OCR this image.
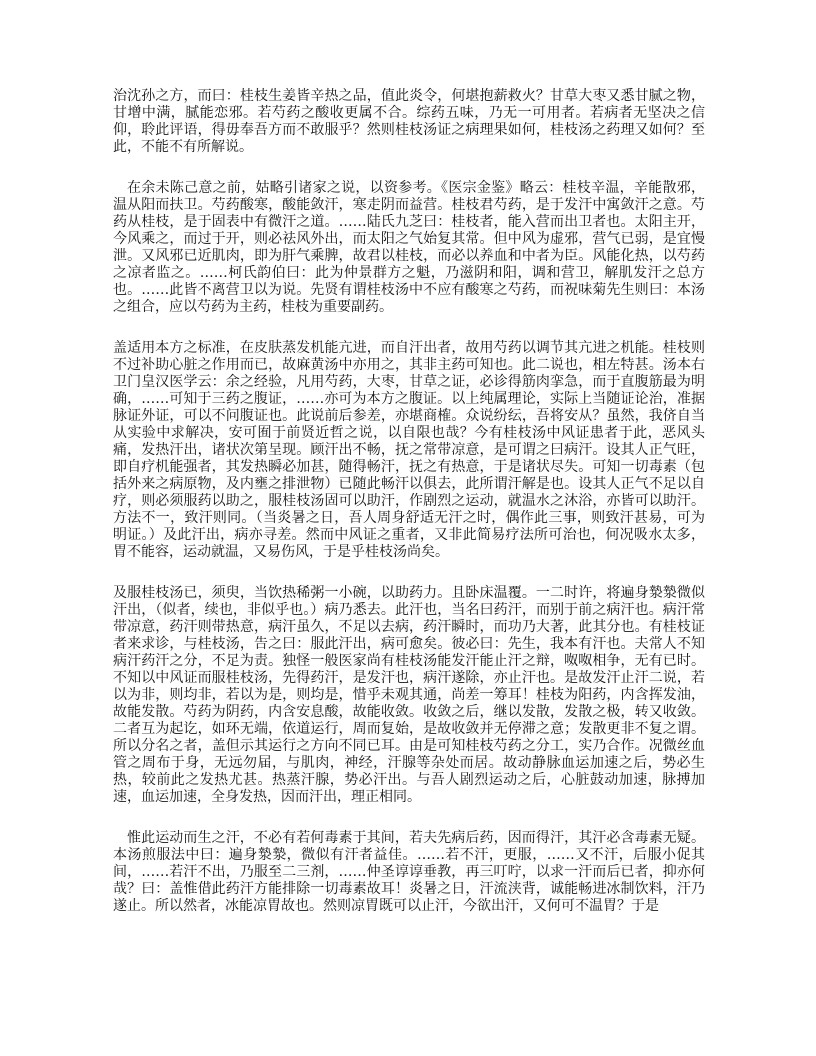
治沈孙之方，而曰：桂枝生姜皆辛热之品，值此炎令，何堪抱薪救火？甘草大枣又悉甘腻之物，甘增中满，腻能恋邪。若芍药之酸收更属不合。综药五味，乃无一可用者。若病者无坚决之信仰，聆此评语，得毋奉吾方而不敢服乎？然则桂枝汤证之病理果如何，桂枝汤之药理又如何？至此，不能不有所解说。

在余未陈己意之前，姑略引诸家之说，以资参考。《医宗金鉴》略云：桂枝辛温，辛能散邪，温从阳而扶卫。芍药酸寒，酸能敛汗，寒走阴而益营。桂枝君芍药，是于发汗中寓敛汗之意。芍药从桂枝，是于固表中有微汗之道。……陆氏九芝曰：桂枝者，能入营而出卫者也。太阳主开，今风乘之，而过于开，则必祛风外出，而太阳之气始复其常。但中风为虚邪，营气已弱，是宜慢泄。又风邪已近肌肉，即为肝气乘脾，故君以桂枝，而必以养血和中者为臣。风能化热，以芍药之凉者监之。……柯氏韵伯曰：此为仲景群方之魁，乃滋阴和阳，调和营卫，解肌发汗之总方也。……此皆不离营卫以为说。先贤有谓桂枝汤中不应有酸寒之芍药，而祝味菊先生则曰：本汤之组合，应以芍药为主药，桂枝为重要副药。

盖适用本方之标准，在皮肤蒸发机能亢进，而自汗出者，故用芍药以调节其亢进之机能。桂枝则不过补助心脏之作用而已，故麻黄汤中亦用之，其非主药可知也。此二说也，相左特甚。汤本右卫门皇汉医学云：余之经验，凡用芍药，大枣，甘草之证，必诊得筋肉挛急，而于直腹筋最为明确，……可知于三药之腹证，……亦可为本方之腹证。以上纯属理论，实际上当随证论治，准据脉证外证，可以不问腹证也。此说前后参差，亦堪商榷。众说纷纭，吾将安从？虽然，我侪自当从实验中求解决，安可囿于前贤近哲之说，以自限也哉？今有桂枝汤中风证患者于此，恶风头痛，发热汗出，诸状次第呈现。顾汗出不畅，抚之常带凉意，是可谓之曰病汗。设其人正气旺，即自疗机能强者，其发热瞬必加甚，随得畅汗，抚之有热意，于是诸状尽失。可知一切毒素（包括外来之病原物，及内壅之排泄物）已随此畅汗以俱去，此所谓汗解是也。设其人正气不足以自疗，则必须服药以助之，服桂枝汤固可以助汗，作剧烈之运动，就温水之沐浴，亦皆可以助汗。方法不一，致汗则同。（当炎暑之日，吾人周身舒适无汗之时，偶作此三事，则致汗甚易，可为明证。）及此汗出，病亦寻差。然而中风证之重者，又非此简易疗法所可治也，何况吸水太多，胃不能容，运动就温，又易伤风，于是乎桂枝汤尚矣。

及服桂枝汤已，须臾，当饮热稀粥一小碗，以助药力。且卧床温覆。一二时许，将遍身漐漐微似汗出，（似者，续也，非似乎也。）病乃悉去。此汗也，当名曰药汗，而别于前之病汗也。病汗常带凉意，药汗则带热意，病汗虽久，不足以去病，药汗瞬时，而功乃大著，此其分也。有桂枝证者来求诊，与桂枝汤，告之曰：服此汗出，病可愈矣。彼必曰：先生，我本有汗也。夫常人不知病汗药汗之分，不足为责。独怪一般医家尚有桂枝汤能发汗能止汗之辩，呶呶相争，无有已时。不知以中风证而服桂枝汤，先得药汗，是发汗也，病汗遂除，亦止汗也。是故发汗止汗二说，若以为非，则均非，若以为是，则均是，惜乎未观其通，尚差一筹耳！桂枝为阳药，内含挥发油，故能发散。芍药为阴药，内含安息酸，故能收敛。收敛之后，继以发散，发散之极，转又收敛。二者互为起讫，如环无端，依道运行，周而复始，是故收敛并无停滞之意；发散更非不复之谓。所以分名之者，盖但示其运行之方向不同已耳。由是可知桂枝芍药之分工，实乃合作。况微丝血管之周布于身，无远勿届，与肌肉，神经，汗腺等杂处而居。故动静脉血运加速之后，势必生热，较前此之发热尤甚。热蒸汗腺，势必汗出。与吾人剧烈运动之后，心脏鼓动加速，脉搏加速，血运加速，全身发热，因而汗出，理正相同。

惟此运动而生之汗，不必有若何毒素于其间，若夫先病后药，因而得汗，其汗必含毒素无疑。本汤煎服法中曰：遍身漐漐，微似有汗者益佳。……若不汗，更服，……又不汗，后服小促其间，……若汗不出，乃服至二三剂，……仲圣谆谆垂教，再三叮咛，以求一汗而后已者，抑亦何哉？曰：盖惟借此药汗方能排除一切毒素故耳！炎暑之日，汗流浃背，诚能畅进冰制饮料，汗乃遂止。所以然者，冰能凉胃故也。然则凉胃既可以止汗，今欲出汗，又何可不温胃？于是
